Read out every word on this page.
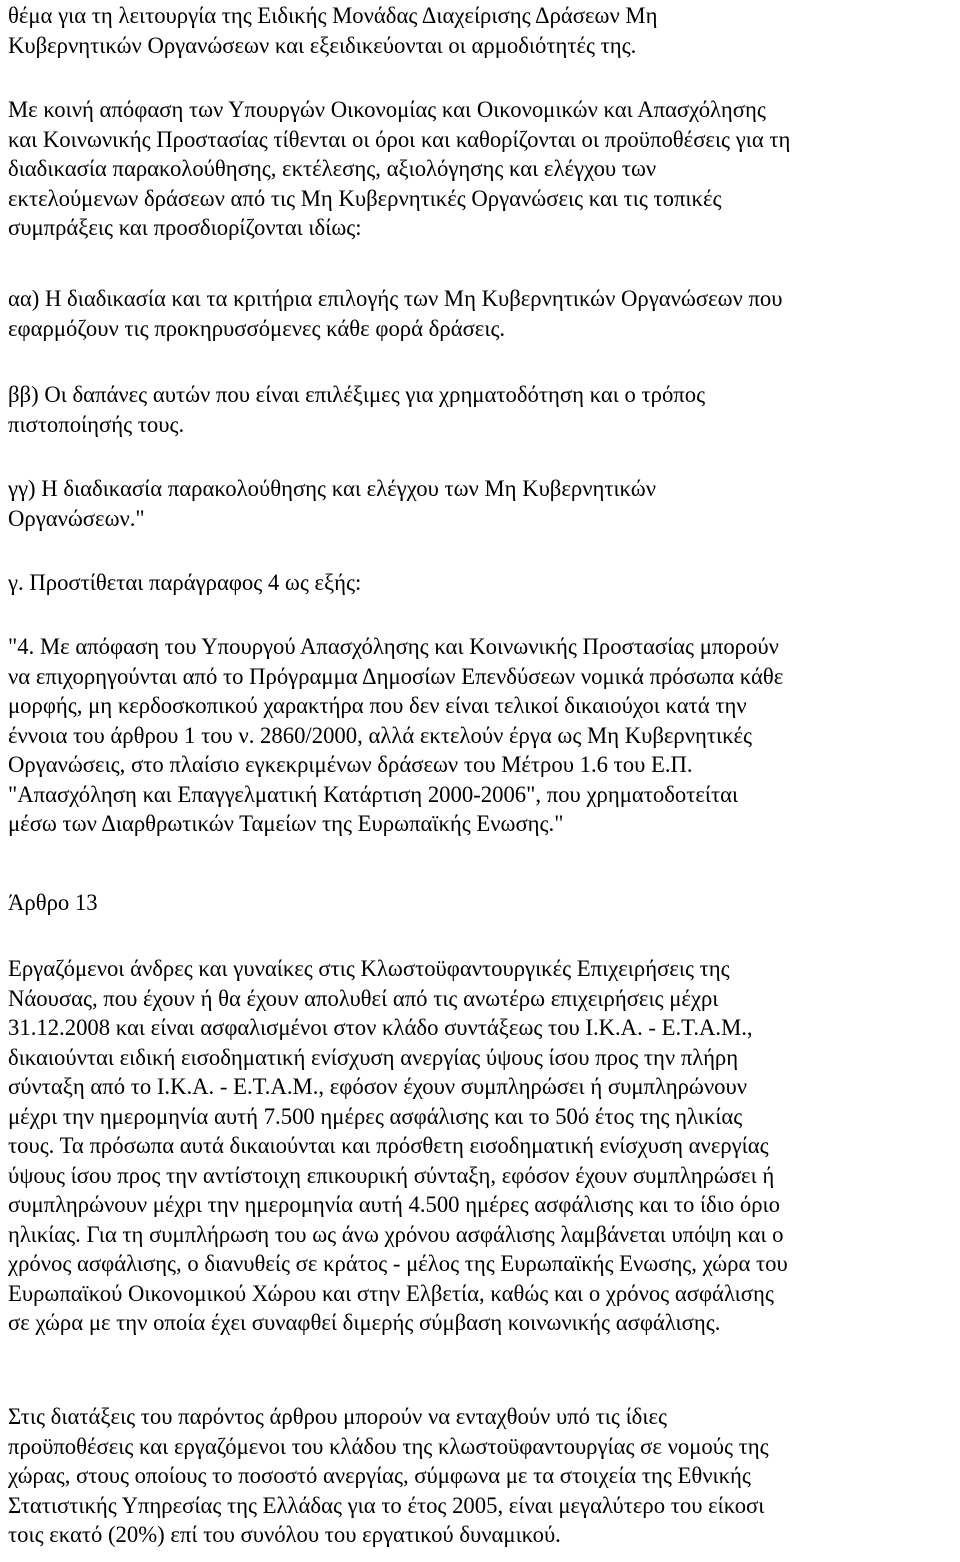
θέμα για τη λειτουργία της Ειδικής Μονάδας Διαχείρισης Δράσεων Μη
Κυβερνητικών Οργανώσεων και εξειδικεύονται οι αρμοδιότητές της.

Με κοινή απόφαση των Υπουργών Οικονομίας και Οικονομικών και Απασχόλησης
και Κοινωνικής Προστασίας τίθενται οι όροι και καθορίζονται οι προϋποθέσεις για τη
διαδικασία παρακολούθησης, εκτέλεσης, αξιολόγησης και ελέγχου των
εκτελούμενων δράσεων από τις Μη Κυβερνητικές Οργανώσεις και τις τοπικές
συμπράξεις και προσδιορίζονται ιδίως:

αα) Η διαδικασία και τα κριτήρια επιλογής των Μη Κυβερνητικών Οργανώσεων που
εφαρμόζουν τις προκηρυσσόμενες κάθε φορά δράσεις.

ββ) Οι δαπάνες αυτών που είναι επιλέξιμες για χρηματοδότηση και ο τρόπος
πιστοποίησής τους.

γγ) Η διαδικασία παρακολούθησης και ελέγχου των Μη Κυβερνητικών
Οργανώσεων."

γ. Προστίθεται παράγραφος 4 ως εξής:

"4. Με απόφαση του Υπουργού Απασχόλησης και Κοινωνικής Προστασίας μπορούν
να επιχορηγούνται από το Πρόγραμμα Δημοσίων Επενδύσεων νομικά πρόσωπα κάθε
μορφής, μη κερδοσκοπικού χαρακτήρα που δεν είναι τελικοί δικαιούχοι κατά την
έννοια του άρθρου 1 του ν. 2860/2000, αλλά εκτελούν έργα ως Μη Κυβερνητικές
Οργανώσεις, στο πλαίσιο εγκεκριμένων δράσεων του Μέτρου 1.6 του Ε.Π.
"Απασχόληση και Επαγγελματική Κατάρτιση 2000-2006", που χρηματοδοτείται
μέσω των Διαρθρωτικών Ταμείων της Ευρωπαϊκής Ενωσης."

Άρθρο 13

Εργαζόμενοι άνδρες και γυναίκες στις Κλωστοϋφαντουργικές Επιχειρήσεις της
Νάουσας, που έχουν ή θα έχουν απολυθεί από τις ανωτέρω επιχειρήσεις μέχρι
31.12.2008 και είναι ασφαλισμένοι στον κλάδο συντάξεως του Ι.Κ.Α. - Ε.Τ.Α.Μ.,
δικαιούνται ειδική εισοδηματική ενίσχυση ανεργίας ύψους ίσου προς την πλήρη
σύνταξη από το Ι.Κ.Α. - Ε.Τ.Α.Μ., εφόσον έχουν συμπληρώσει ή συμπληρώνουν
μέχρι την ημερομηνία αυτή 7.500 ημέρες ασφάλισης και το 50ό έτος της ηλικίας
τους. Τα πρόσωπα αυτά δικαιούνται και πρόσθετη εισοδηματική ενίσχυση ανεργίας
ύψους ίσου προς την αντίστοιχη επικουρική σύνταξη, εφόσον έχουν συμπληρώσει ή
συμπληρώνουν μέχρι την ημερομηνία αυτή 4.500 ημέρες ασφάλισης και το ίδιο όριο
ηλικίας. Για τη συμπλήρωση του ως άνω χρόνου ασφάλισης λαμβάνεται υπόψη και ο
χρόνος ασφάλισης, ο διανυθείς σε κράτος - μέλος της Ευρωπαϊκής Ενωσης, χώρα του
Ευρωπαϊκού Οικονομικού Χώρου και στην Ελβετία, καθώς και ο χρόνος ασφάλισης
σε χώρα με την οποία έχει συναφθεί διμερής σύμβαση κοινωνικής ασφάλισης.

Στις διατάξεις του παρόντος άρθρου μπορούν να ενταχθούν υπό τις ίδιες
προϋποθέσεις και εργαζόμενοι του κλάδου της κλωστοϋφαντουργίας σε νομούς της
χώρας, στους οποίους το ποσοστό ανεργίας, σύμφωνα με τα στοιχεία της Εθνικής
Στατιστικής Υπηρεσίας της Ελλάδας για το έτος 2005, είναι μεγαλύτερο του είκοσι
τοις εκατό (20%) επί του συνόλου του εργατικού δυναμικού.
